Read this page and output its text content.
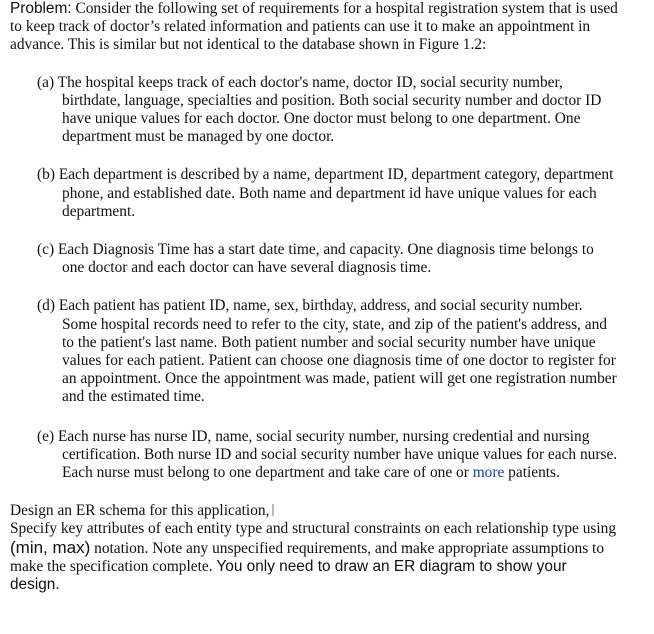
Problem: Consider the following set of requirements for a hospital registration system that is used to keep track of doctor’s related information and patients can use it to make an appointment in advance. This is similar but not identical to the database shown in Figure 1.2:

(a) The hospital keeps track of each doctor's name, doctor ID, social security number, birthdate, language, specialties and position. Both social security number and doctor ID have unique values for each doctor. One doctor must belong to one department. One department must be managed by one doctor.

(b) Each department is described by a name, department ID, department category, department phone, and established date. Both name and department id have unique values for each department.

(c) Each Diagnosis Time has a start date time, and capacity. One diagnosis time belongs to one doctor and each doctor can have several diagnosis time.

(d) Each patient has patient ID, name, sex, birthday, address, and social security number. Some hospital records need to refer to the city, state, and zip of the patient's address, and to the patient's last name. Both patient number and social security number have unique values for each patient. Patient can choose one diagnosis time of one doctor to register for an appointment. Once the appointment was made, patient will get one registration number and the estimated time.

(e) Each nurse has nurse ID, name, social security number, nursing credential and nursing certification. Both nurse ID and social security number have unique values for each nurse. Each nurse must belong to one department and take care of one or more patients.

Design an ER schema for this application,

Specify key attributes of each entity type and structural constraints on each relationship type using (min, max) notation. Note any unspecified requirements, and make appropriate assumptions to make the specification complete. You only need to draw an ER diagram to show your design.
